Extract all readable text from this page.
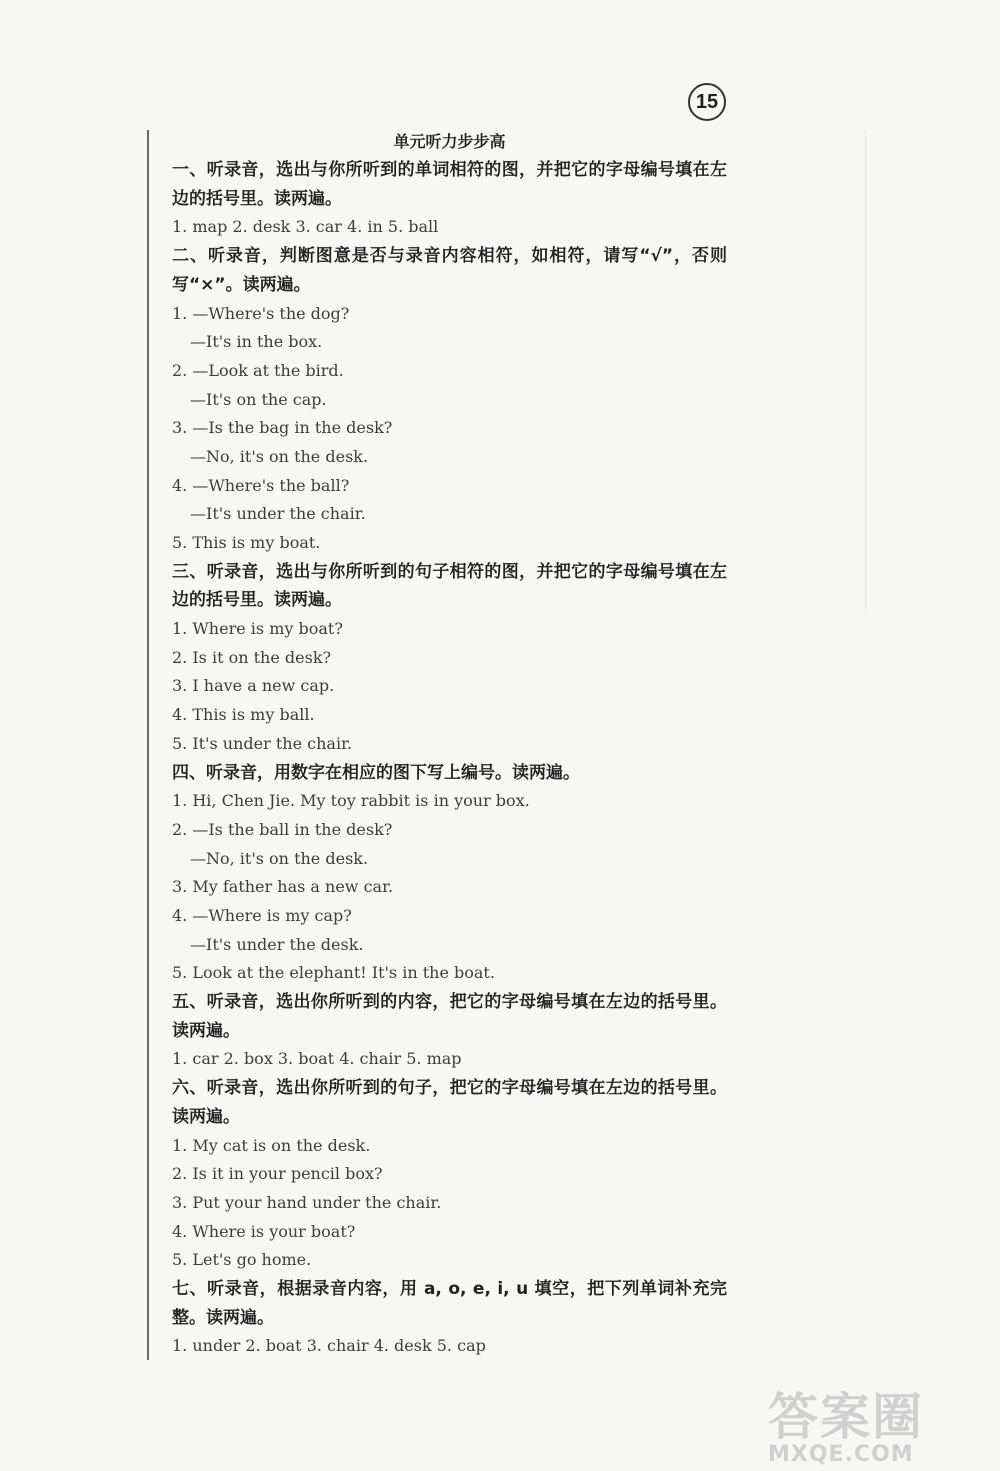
15
单元听力步步高
一、听录音，选出与你所听到的单词相符的图，并把它的字母编号填在左边的括号里。读两遍。
1. map 2. desk 3. car 4. in 5. ball
二、听录音，判断图意是否与录音内容相符，如相符，请写“√”，否则写“×”。读两遍。
1. —Where's the dog?
—It's in the box.
2. —Look at the bird.
—It's on the cap.
3. —Is the bag in the desk?
—No, it's on the desk.
4. —Where's the ball?
—It's under the chair.
5. This is my boat.
三、听录音，选出与你所听到的句子相符的图，并把它的字母编号填在左边的括号里。读两遍。
1. Where is my boat?
2. Is it on the desk?
3. I have a new cap.
4. This is my ball.
5. It's under the chair.
四、听录音，用数字在相应的图下写上编号。读两遍。
1. Hi, Chen Jie. My toy rabbit is in your box.
2. —Is the ball in the desk?
—No, it's on the desk.
3. My father has a new car.
4. —Where is my cap?
—It's under the desk.
5. Look at the elephant! It's in the boat.
五、听录音，选出你所听到的内容，把它的字母编号填在左边的括号里。读两遍。
1. car 2. box 3. boat 4. chair 5. map
六、听录音，选出你所听到的句子，把它的字母编号填在左边的括号里。读两遍。
1. My cat is on the desk.
2. Is it in your pencil box?
3. Put your hand under the chair.
4. Where is your boat?
5. Let's go home.
七、听录音，根据录音内容，用 a, o, e, i, u 填空，把下列单词补充完整。读两遍。
1. under 2. boat 3. chair 4. desk 5. cap
答案圈
MXQE.COM
